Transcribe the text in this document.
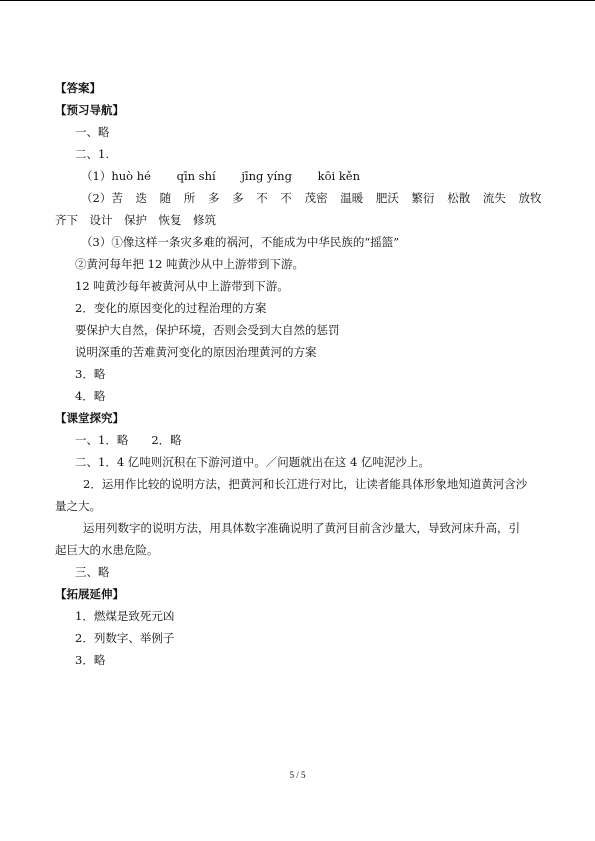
【答案】
【预习导航】
一、略
二、1.
（1）huò hé qīn shí jīng yíng kōi kěn
（2）苦 迭 随 所 多 多 不 不 茂密 温暖 肥沃 繁衍 松散 流失 放牧
齐下　设计　保护　恢复　修筑
（3）①像这样一条灾多难的祸河，不能成为中华民族的“摇篮”
②黄河每年把 12 吨黄沙从中上游带到下游。
12 吨黄沙每年被黄河从中上游带到下游。
2．变化的原因变化的过程治理的方案
要保护大自然，保护环境，否则会受到大自然的惩罚
说明深重的苦难黄河变化的原因治理黄河的方案
3．略
4．略
【课堂探究】
一、1．略　　2．略
二、1．4 亿吨则沉积在下游河道中。／问题就出在这 4 亿吨泥沙上。
2．运用作比较的说明方法，把黄河和长江进行对比，让读者能具体形象地知道黄河含沙
量之大。
运用列数字的说明方法，用具体数字准确说明了黄河目前含沙量大，导致河床升高，引
起巨大的水患危险。
三、略
【拓展延伸】
1．燃煤是致死元凶
2．列数字、举例子
3．略
5 / 5
